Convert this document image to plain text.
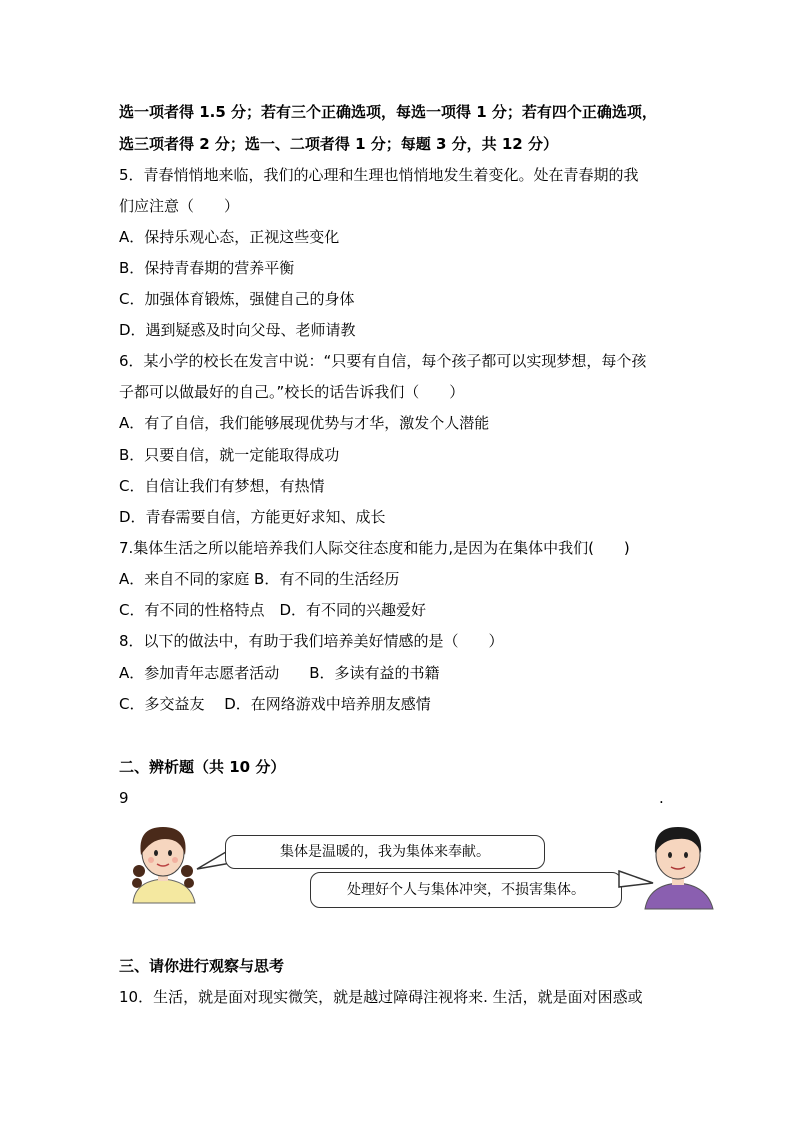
选一项者得 1.5 分；若有三个正确选项，每选一项得 1 分；若有四个正确选项，
选三项者得 2 分；选一、二项者得 1 分；每题 3 分，共 12 分）
5．青春悄悄地来临，我们的心理和生理也悄悄地发生着变化。处在青春期的我
们应注意（　　）
A．保持乐观心态，正视这些变化
B．保持青春期的营养平衡
C．加强体育锻炼，强健自己的身体
D．遇到疑惑及时向父母、老师请教
6．某小学的校长在发言中说：“只要有自信，每个孩子都可以实现梦想，每个孩
子都可以做最好的自己。”校长的话告诉我们（　　）
A．有了自信，我们能够展现优势与才华，激发个人潜能
B．只要自信，就一定能取得成功
C．自信让我们有梦想，有热情
D．青春需要自信，方能更好求知、成长
7.集体生活之所以能培养我们人际交往态度和能力,是因为在集体中我们(　　)
A．来自不同的家庭 B．有不同的生活经历
C．有不同的性格特点　D．有不同的兴趣爱好
8．以下的做法中，有助于我们培养美好情感的是（　　）
A．参加青年志愿者活动　　B．多读有益的书籍
C．多交益友　 D．在网络游戏中培养朋友感情
二、辨析题（共 10 分）
9	.
集体是温暖的，我为集体来奉献。
处理好个人与集体冲突，不损害集体。
三、请你进行观察与思考
10．生活，就是面对现实微笑，就是越过障碍注视将来. 生活，就是面对困惑或
